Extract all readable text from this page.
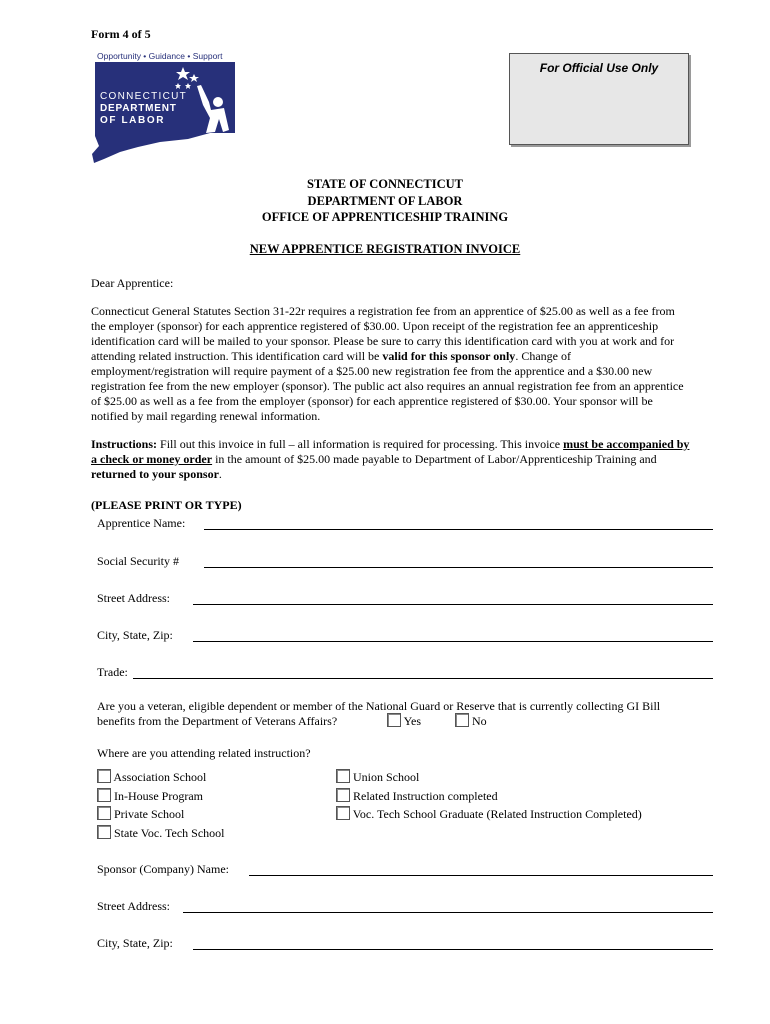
Form 4 of 5
Opportunity • Guidance • Support
CONNECTICUT
DEPARTMENT
OF LABOR
For Official Use Only
STATE OF CONNECTICUT
DEPARTMENT OF LABOR
OFFICE OF APPRENTICESHIP TRAINING
NEW APPRENTICE REGISTRATION INVOICE
Dear Apprentice:
Connecticut General Statutes Section 31-22r requires a registration fee from an apprentice of $25.00 as well as a fee from the employer (sponsor) for each apprentice registered of $30.00. Upon receipt of the registration fee an apprenticeship identification card will be mailed to your sponsor. Please be sure to carry this identification card with you at work and for attending related instruction. This identification card will be valid for this sponsor only. Change of employment/registration will require payment of a $25.00 new registration fee from the apprentice and a $30.00 new registration fee from the new employer (sponsor). The public act also requires an annual registration fee from an apprentice of $25.00 as well as a fee from the employer (sponsor) for each apprentice registered of $30.00. Your sponsor will be notified by mail regarding renewal information.
Instructions: Fill out this invoice in full – all information is required for processing. This invoice must be accompanied by a check or money order in the amount of $25.00 made payable to Department of Labor/Apprenticeship Training and returned to your sponsor.
(PLEASE PRINT OR TYPE)
Apprentice Name:
Social Security #
Street Address:
City, State, Zip:
Trade:
Are you a veteran, eligible dependent or member of the National Guard or Reserve that is currently collecting GI Bill
benefits from the Department of Veterans Affairs?	Yes	No
Where are you attending related instruction?
Association School
In-House Program
Private School
State Voc. Tech School
Union School
Related Instruction completed
Voc. Tech School Graduate (Related Instruction Completed)
Sponsor (Company) Name:
Street Address:
City, State, Zip:
